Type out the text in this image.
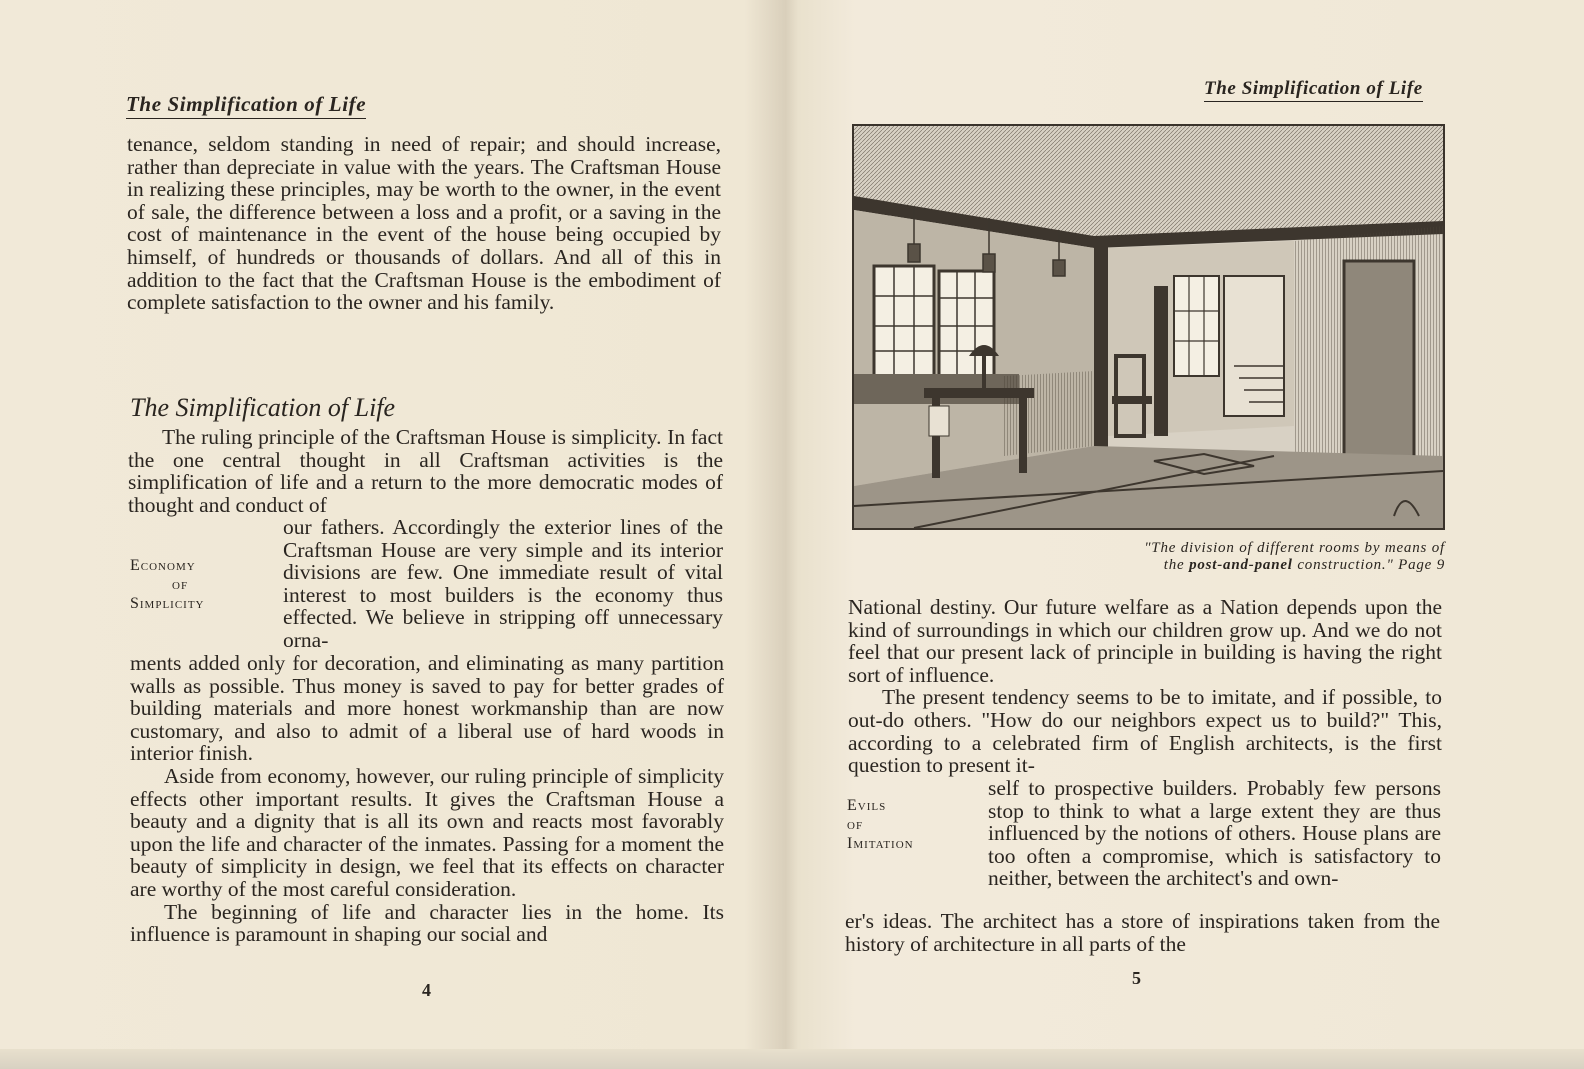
The Simplification of Life

tenance, seldom standing in need of repair; and should increase, rather than depreciate in value with the years. The Craftsman House in realizing these principles, may be worth to the owner, in the event of sale, the difference between a loss and a profit, or a saving in the cost of maintenance in the event of the house being occupied by himself, of hundreds or thousands of dollars. And all of this in addition to the fact that the Craftsman House is the embodiment of complete satisfaction to the owner and his family.

The Simplification of Life

The ruling principle of the Craftsman House is simplicity. In fact the one central thought in all Craftsman activities is the simplification of life and a return to the more democratic modes of thought and conduct of

Economy
of
Simplicity

our fathers. Accordingly the exterior lines of the Craftsman House are very simple and its interior divisions are few. One immediate result of vital interest to most builders is the economy thus effected. We believe in stripping off unnecessary orna-

ments added only for decoration, and eliminating as many partition walls as possible. Thus money is saved to pay for better grades of building materials and more honest workmanship than are now customary, and also to admit of a liberal use of hard woods in interior finish.

Aside from economy, however, our ruling principle of simplicity effects other important results. It gives the Craftsman House a beauty and a dignity that is all its own and reacts most favorably upon the life and character of the inmates. Passing for a moment the beauty of simplicity in design, we feel that its effects on character are worthy of the most careful consideration.

The beginning of life and character lies in the home. Its influence is paramount in shaping our social and

4
The Simplification of Life
"The division of different rooms by means of
the post-and-panel construction." Page 9

National destiny. Our future welfare as a Nation depends upon the kind of surroundings in which our children grow up. And we do not feel that our present lack of principle in building is having the right sort of influence.

The present tendency seems to be to imitate, and if possible, to out-do others. "How do our neighbors expect us to build?" This, according to a celebrated firm of English architects, is the first question to present it-

Evils
of
Imitation

self to prospective builders. Probably few persons stop to think to what a large extent they are thus influenced by the notions of others. House plans are too often a compromise, which is satisfactory to neither, between the architect's and own-

er's ideas. The architect has a store of inspirations taken from the history of architecture in all parts of the

5
